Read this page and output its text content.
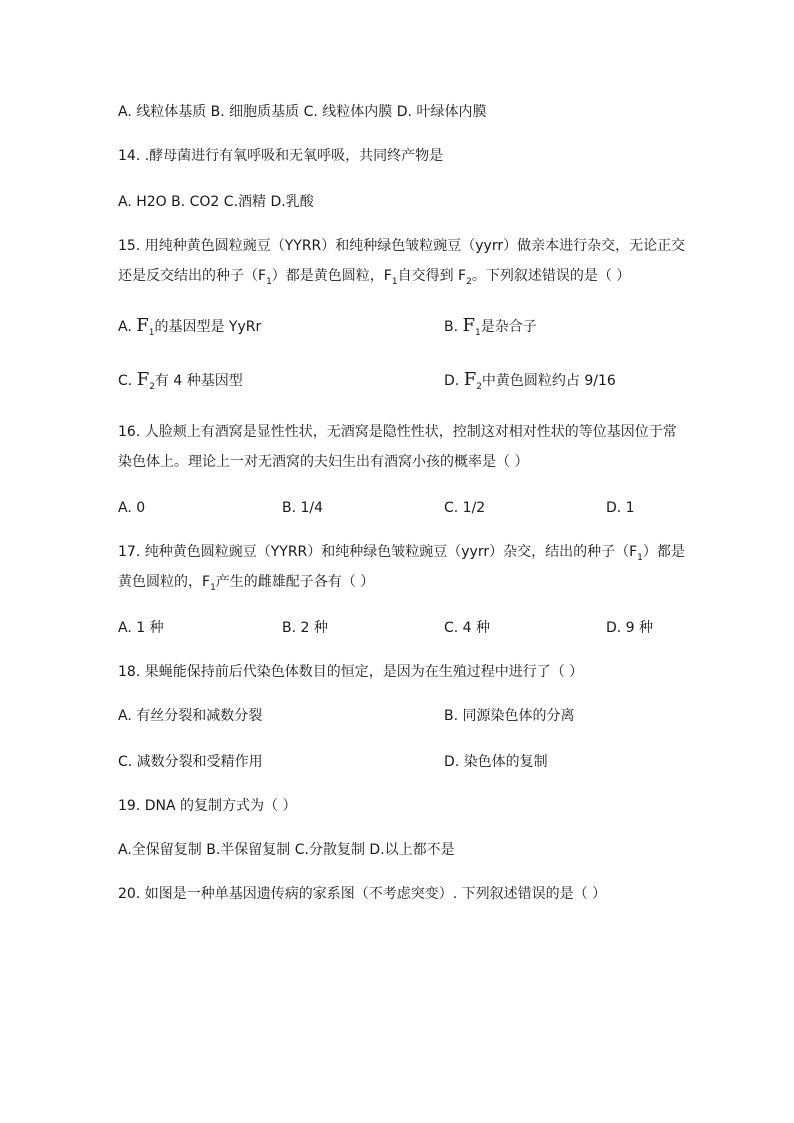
A. 线粒体基质 B. 细胞质基质 C. 线粒体内膜 D. 叶绿体内膜
14. .酵母菌进行有氧呼吸和无氧呼吸，共同终产物是
A. H2O B. CO2 C.酒精 D.乳酸
15. 用纯种黄色圆粒豌豆（YYRR）和纯种绿色皱粒豌豆（yyrr）做亲本进行杂交，无论正交
还是反交结出的种子$(F_1)$都是黄色圆粒，$F_1$自交得到 $F_2$。下列叙述错误的是（ ）
A. $F_1$的基因型是 YyRr	B. $F_1$是杂合子
C. $F_2$有 4 种基因型	D. $F_2$中黄色圆粒约占 9/16
16. 人脸颊上有酒窝是显性性状，无酒窝是隐性性状，控制这对相对性状的等位基因位于常
染色体上。理论上一对无酒窝的夫妇生出有酒窝小孩的概率是（ ）
A. 0	B. 1/4	C. 1/2	D. 1
17. 纯种黄色圆粒豌豆（YYRR）和纯种绿色皱粒豌豆（yyrr）杂交，结出的种子$(F_1)$都是
黄色圆粒的，$F_1$产生的雌雄配子各有（ ）
A. 1 种	B. 2 种	C. 4 种	D. 9 种
18. 果蝇能保持前后代染色体数目的恒定，是因为在生殖过程中进行了（ ）
A. 有丝分裂和减数分裂	B. 同源染色体的分离
C. 减数分裂和受精作用	D. 染色体的复制
19. DNA 的复制方式为（ ）
A.全保留复制 B.半保留复制 C.分散复制 D.以上都不是
20. 如图是一种单基因遗传病的家系图（不考虑突变）. 下列叙述错误的是（ ）
